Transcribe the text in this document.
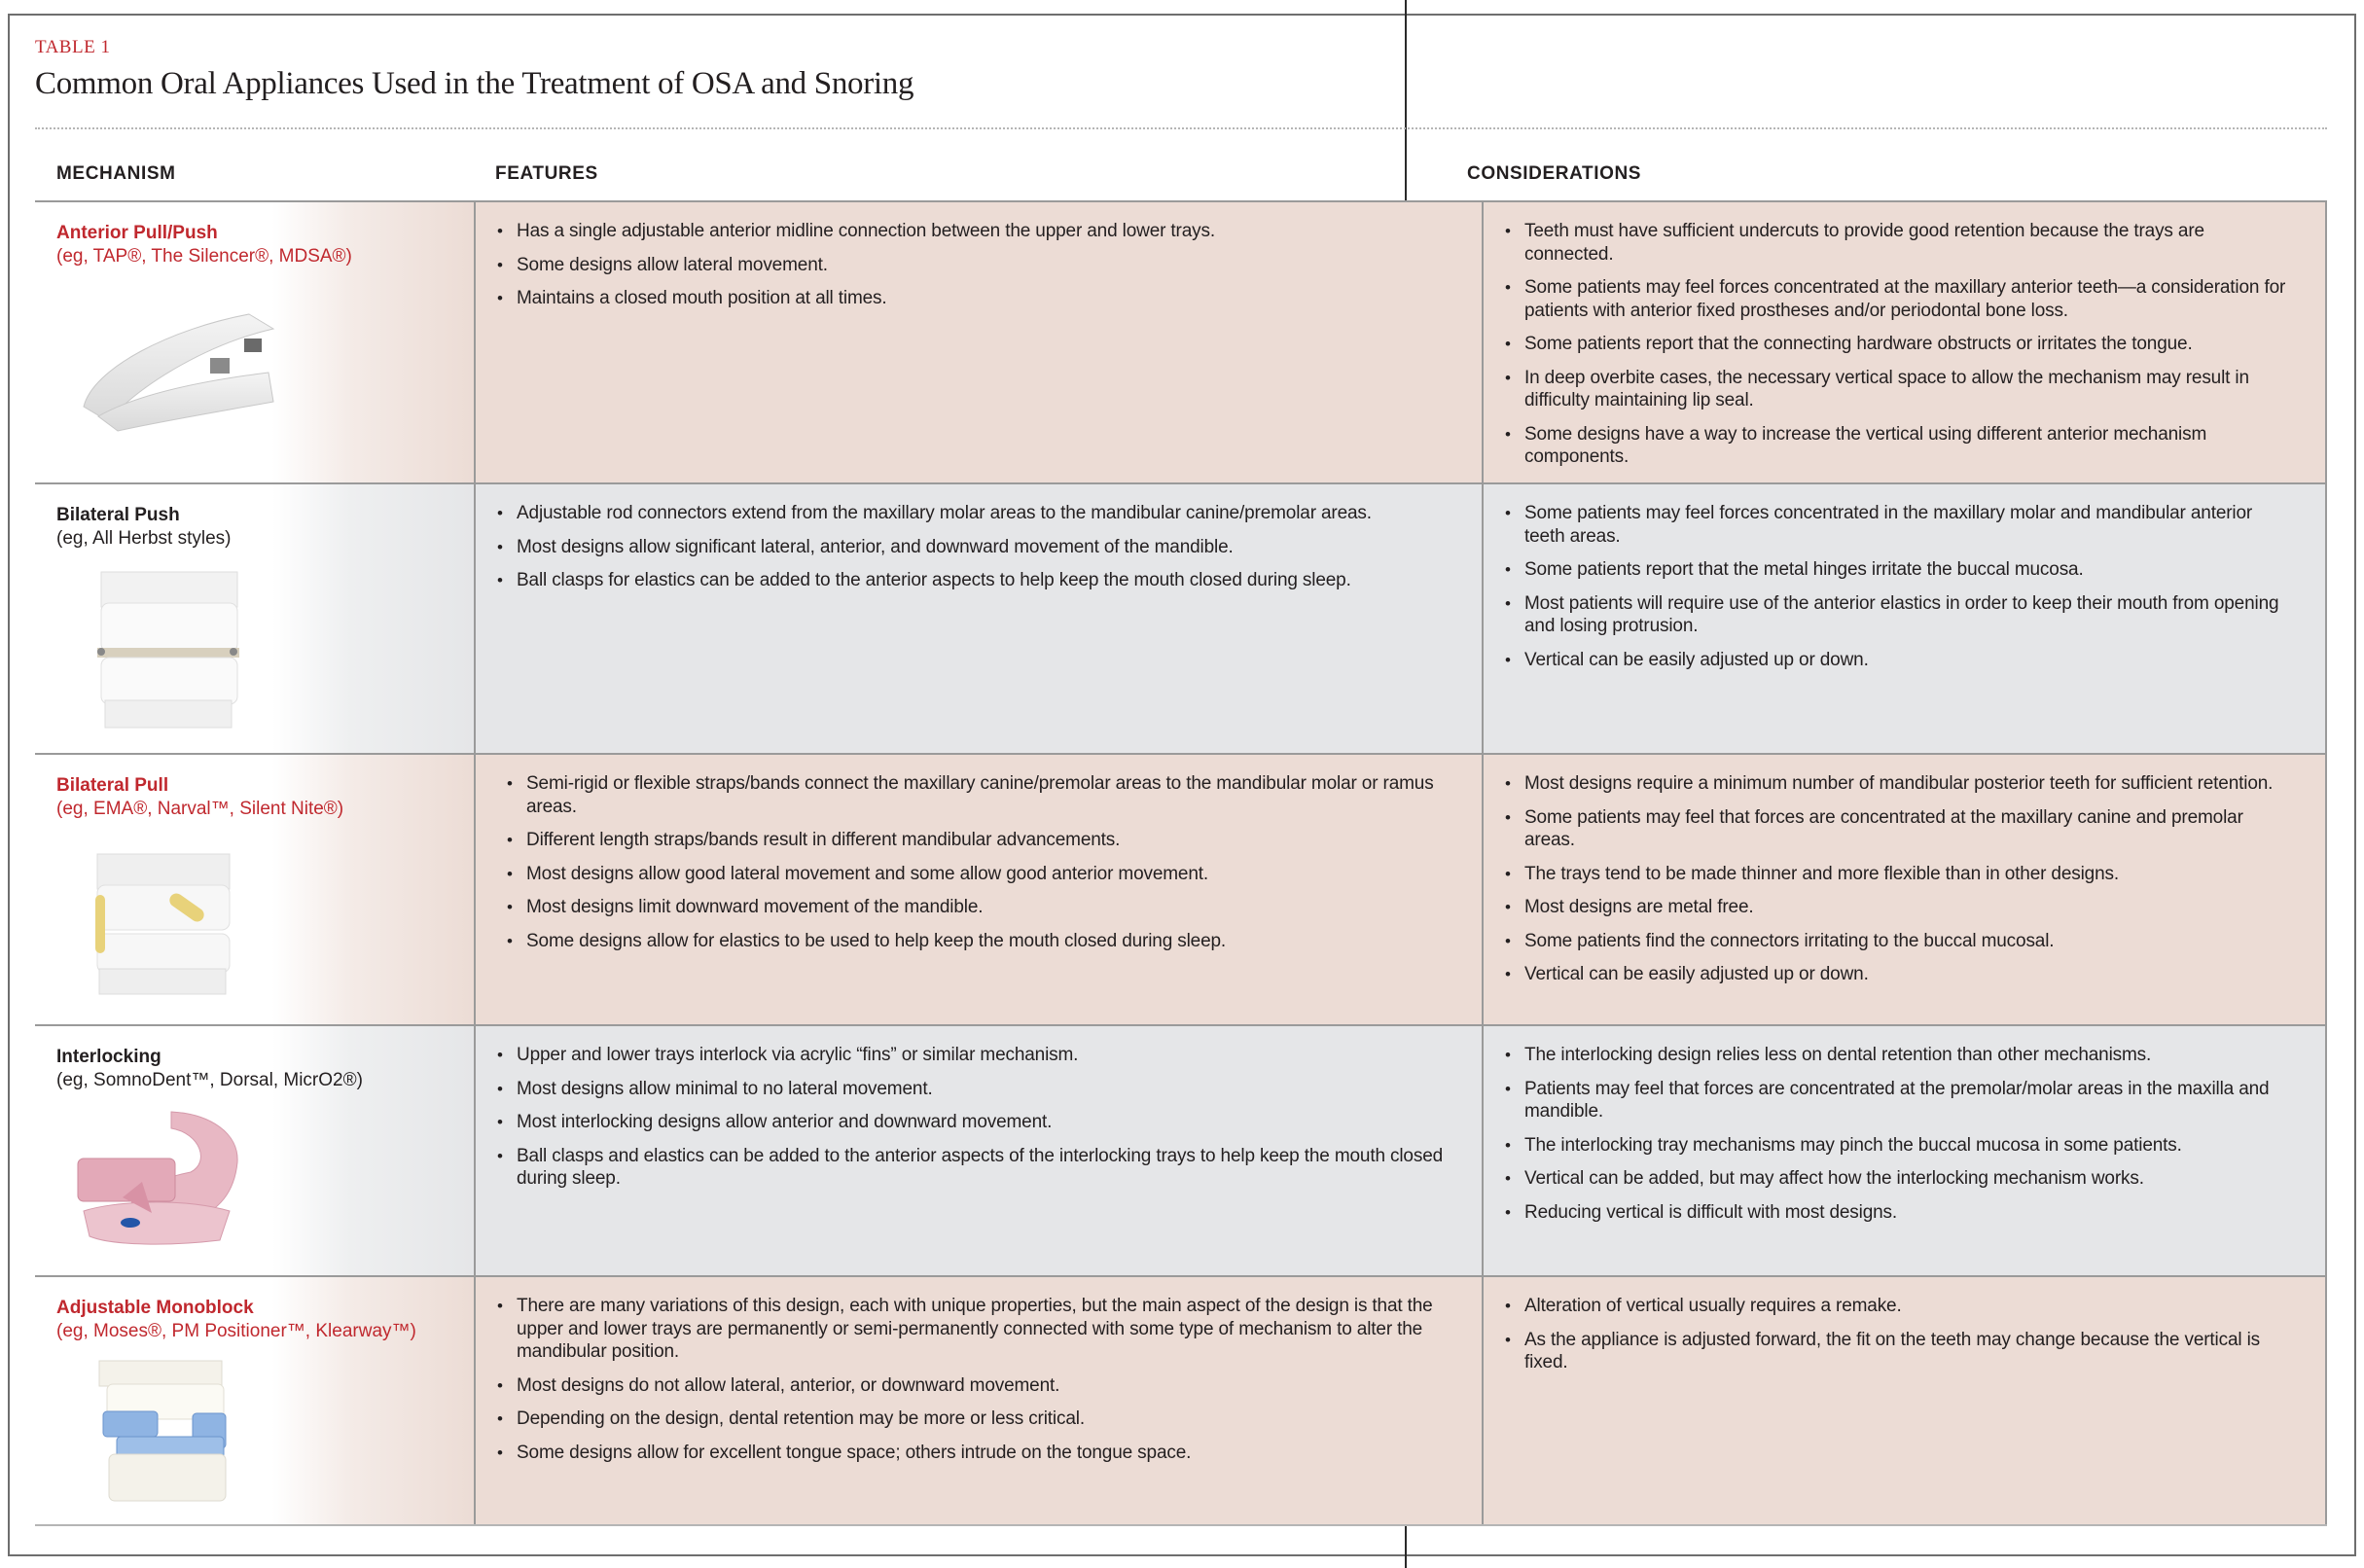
TABLE 1
Common Oral Appliances Used in the Treatment of OSA and Snoring
MECHANISM	FEATURES	CONSIDERATIONS
Anterior Pull/Push
(eg, TAP®, The Silencer®, MDSA®)
• Has a single adjustable anterior midline connection between the upper and lower trays.
• Some designs allow lateral movement.
• Maintains a closed mouth position at all times.
• Teeth must have sufficient undercuts to provide good retention because the trays are connected.
• Some patients may feel forces concentrated at the maxillary anterior teeth—a consideration for patients with anterior fixed prostheses and/or periodontal bone loss.
• Some patients report that the connecting hardware obstructs or irritates the tongue.
• In deep overbite cases, the necessary vertical space to allow the mechanism may result in difficulty maintaining lip seal.
• Some designs have a way to increase the vertical using different anterior mechanism components.
Bilateral Push
(eg, All Herbst styles)
• Adjustable rod connectors extend from the maxillary molar areas to the mandibular canine/premolar areas.
• Most designs allow significant lateral, anterior, and downward movement of the mandible.
• Ball clasps for elastics can be added to the anterior aspects to help keep the mouth closed during sleep.
• Some patients may feel forces concentrated in the maxillary molar and mandibular anterior teeth areas.
• Some patients report that the metal hinges irritate the buccal mucosa.
• Most patients will require use of the anterior elastics in order to keep their mouth from opening and losing protrusion.
• Vertical can be easily adjusted up or down.
Bilateral Pull
(eg, EMA®, Narval™, Silent Nite®)
• Semi-rigid or flexible straps/bands connect the maxillary canine/premolar areas to the mandibular molar or ramus areas.
• Different length straps/bands result in different mandibular advancements.
• Most designs allow good lateral movement and some allow good anterior movement.
• Most designs limit downward movement of the mandible.
• Some designs allow for elastics to be used to help keep the mouth closed during sleep.
• Most designs require a minimum number of mandibular posterior teeth for sufficient retention.
• Some patients may feel that forces are concentrated at the maxillary canine and premolar areas.
• The trays tend to be made thinner and more flexible than in other designs.
• Most designs are metal free.
• Some patients find the connectors irritating to the buccal mucosal.
• Vertical can be easily adjusted up or down.
Interlocking
(eg, SomnoDent™, Dorsal, MicrO2®)
• Upper and lower trays interlock via acrylic “fins” or similar mechanism.
• Most designs allow minimal to no lateral movement.
• Most interlocking designs allow anterior and downward movement.
• Ball clasps and elastics can be added to the anterior aspects of the interlocking trays to help keep the mouth closed during sleep.
• The interlocking design relies less on dental retention than other mechanisms.
• Patients may feel that forces are concentrated at the premolar/molar areas in the maxilla and mandible.
• The interlocking tray mechanisms may pinch the buccal mucosa in some patients.
• Vertical can be added, but may affect how the interlocking mechanism works.
• Reducing vertical is difficult with most designs.
Adjustable Monoblock
(eg, Moses®, PM Positioner™, Klearway™)
• There are many variations of this design, each with unique properties, but the main aspect of the design is that the upper and lower trays are permanently or semi-permanently connected with some type of mechanism to alter the mandibular position.
• Most designs do not allow lateral, anterior, or downward movement.
• Depending on the design, dental retention may be more or less critical.
• Some designs allow for excellent tongue space; others intrude on the tongue space.
• Alteration of vertical usually requires a remake.
• As the appliance is adjusted forward, the fit on the teeth may change because the vertical is fixed.
